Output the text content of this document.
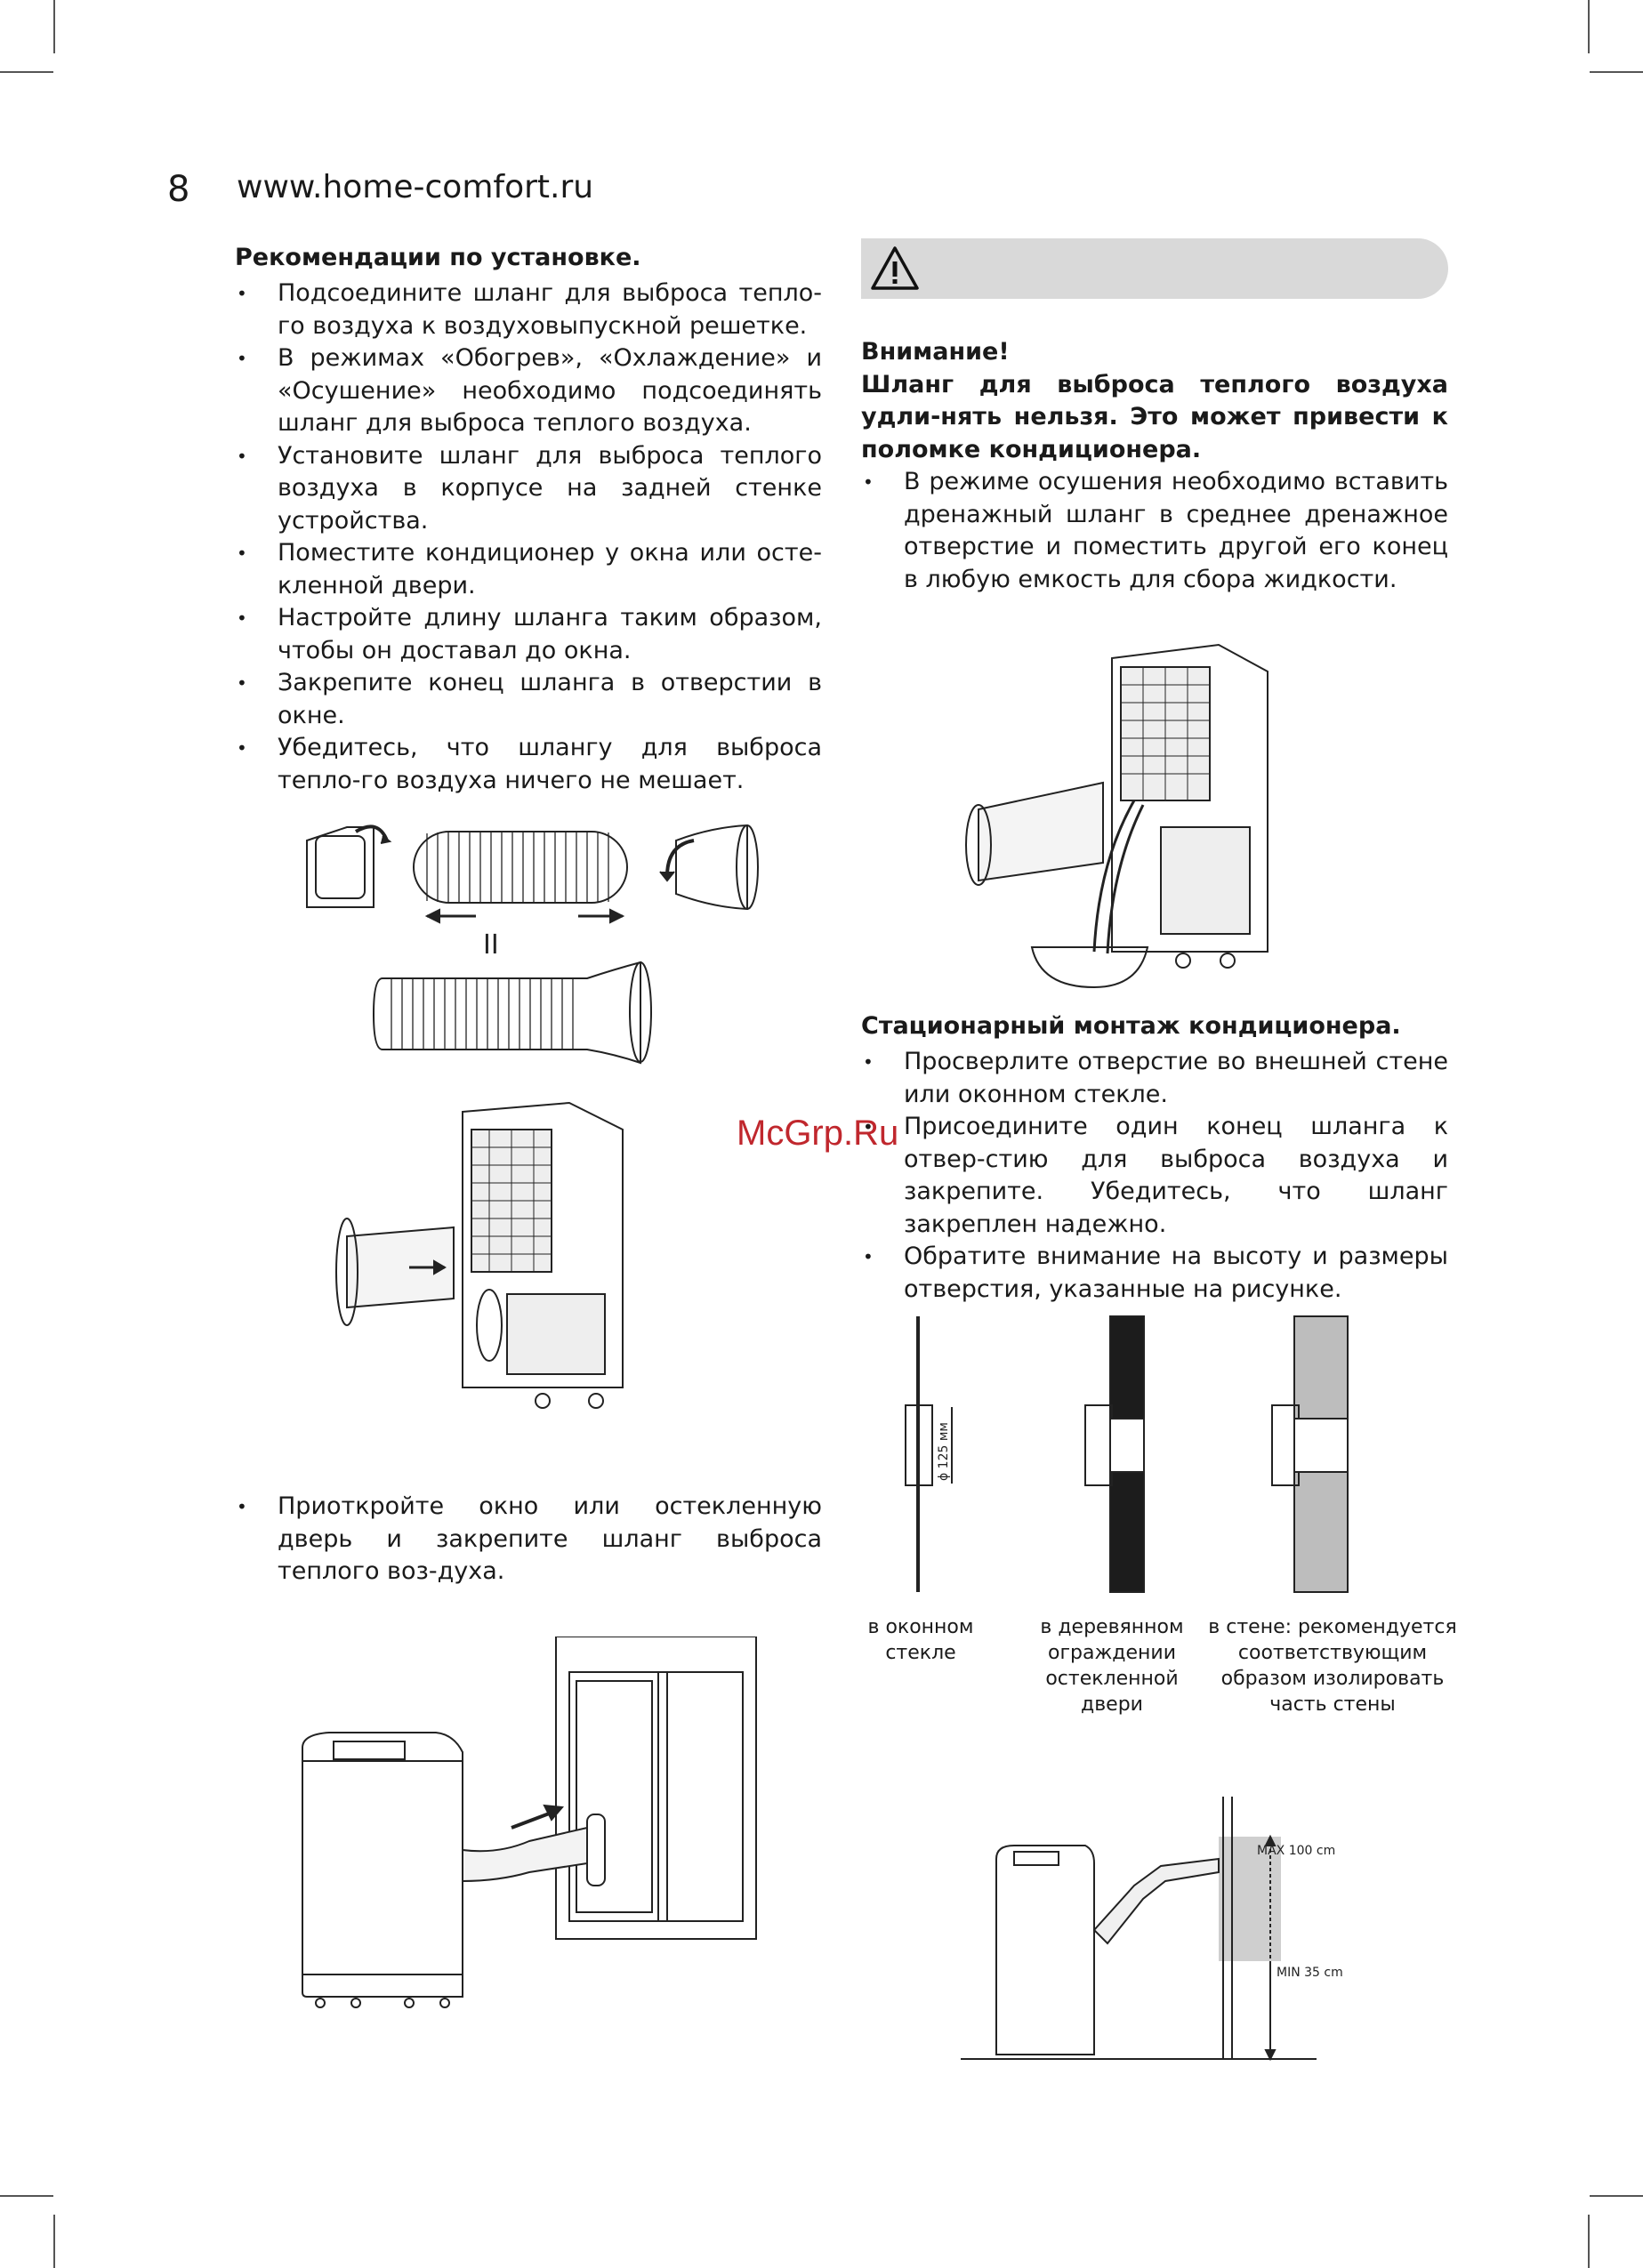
8 www.home-comfort.ru
Рекомендации по установке.

• Подсоедините шланг для выброса тепло-го воздуха к воздуховыпускной решетке.

• В режимах «Обогрев», «Охлаждение» и «Осушение» необходимо подсоединять шланг для выброса теплого воздуха.

• Установите шланг для выброса теплого воздуха в корпусе на задней стенке устройства.

• Поместите кондиционер у окна или осте-кленной двери.

• Настройте длину шланга таким образом, чтобы он доставал до окна.

• Закрепите конец шланга в отверстии в окне.

• Убедитесь, что шлангу для выброса тепло-го воздуха ничего не мешает.

II

• Приоткройте окно или остекленную дверь и закрепите шланг выброса теплого воз-духа.

Внимание!

Шланг для выброса теплого воздуха удли-нять нельзя. Это может привести к поломке кондиционера.

• В режиме осушения необходимо вставить дренажный шланг в среднее дренажное отверстие и поместить другой его конец в любую емкость для сбора жидкости.

Стационарный монтаж кондиционера.

• Просверлите отверстие во внешней стене или оконном стекле.

• Присоедините один конец шланга к отвер-стию для выброса воздуха и закрепите. Убедитесь, что шланг закреплен надежно.

• Обратите внимание на высоту и размеры отверстия, указанные на рисунке.

McGrp.Ru
ϕ 125 мм
в оконном стекле
в деревянном ограждении остекленной двери
в стене: рекомендуется соответствующим образом изолировать часть стены
MAX 100 cm
MIN 35 cm
